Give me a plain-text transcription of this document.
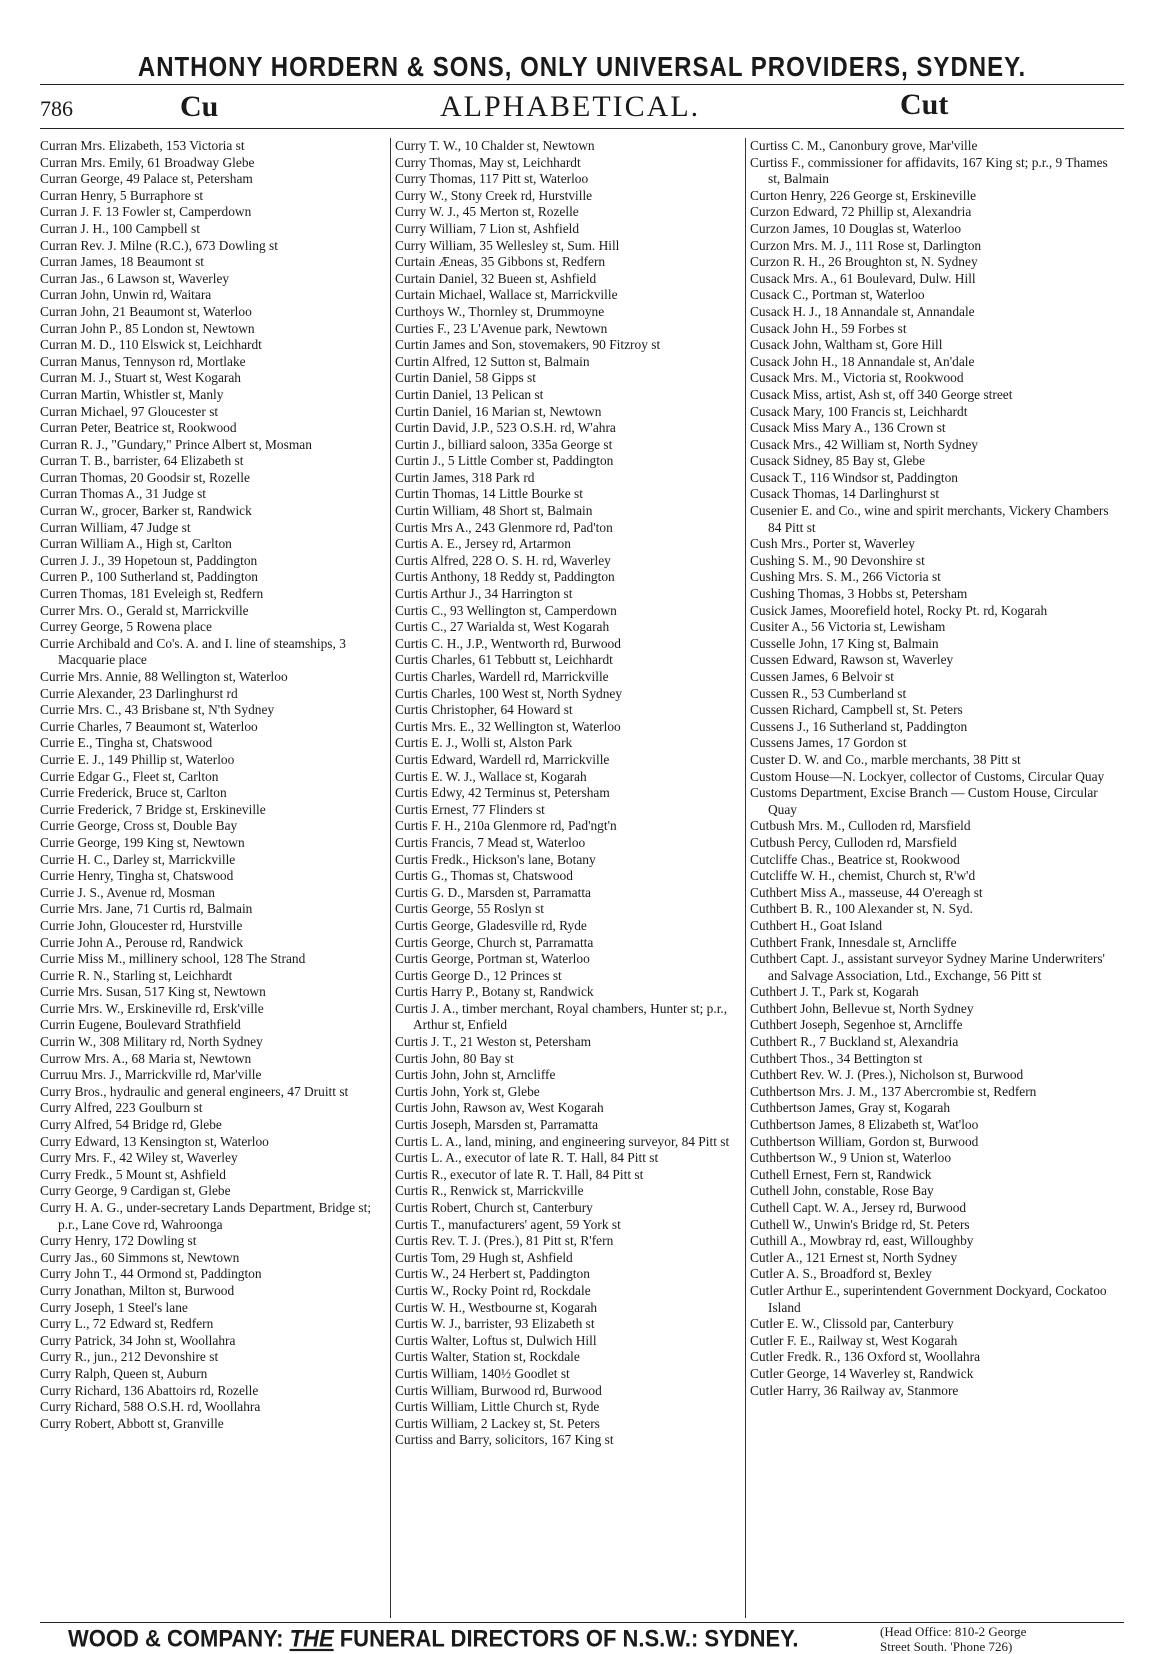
ANTHONY HORDERN & SONS, ONLY UNIVERSAL PROVIDERS, SYDNEY.
786	Cu	ALPHABETICAL.	Cut

Curran Mrs. Elizabeth, 153 Victoria st

Curran Mrs. Emily, 61 Broadway Glebe

Curran George, 49 Palace st, Petersham

Curran Henry, 5 Burraphore st

Curran J. F. 13 Fowler st, Camperdown

Curran J. H., 100 Campbell st

Curran Rev. J. Milne (R.C.), 673 Dowling st

Curran James, 18 Beaumont st

Curran Jas., 6 Lawson st, Waverley

Curran John, Unwin rd, Waitara

Curran John, 21 Beaumont st, Waterloo

Curran John P., 85 London st, Newtown

Curran M. D., 110 Elswick st, Leichhardt

Curran Manus, Tennyson rd, Mortlake

Curran M. J., Stuart st, West Kogarah

Curran Martin, Whistler st, Manly

Curran Michael, 97 Gloucester st

Curran Peter, Beatrice st, Rookwood

Curran R. J., "Gundary," Prince Albert st, Mosman

Curran T. B., barrister, 64 Elizabeth st

Curran Thomas, 20 Goodsir st, Rozelle

Curran Thomas A., 31 Judge st

Curran W., grocer, Barker st, Randwick

Curran William, 47 Judge st

Curran William A., High st, Carlton

Curren J. J., 39 Hopetoun st, Paddington

Curren P., 100 Sutherland st, Paddington

Curren Thomas, 181 Eveleigh st, Redfern

Currer Mrs. O., Gerald st, Marrickville

Currey George, 5 Rowena place

Currie Archibald and Co's. A. and I. line of steamships, 3 Macquarie place

Currie Mrs. Annie, 88 Wellington st, Waterloo

Currie Alexander, 23 Darlinghurst rd

Currie Mrs. C., 43 Brisbane st, N'th Sydney

Currie Charles, 7 Beaumont st, Waterloo

Currie E., Tingha st, Chatswood

Currie E. J., 149 Phillip st, Waterloo

Currie Edgar G., Fleet st, Carlton

Currie Frederick, Bruce st, Carlton

Currie Frederick, 7 Bridge st, Erskineville

Currie George, Cross st, Double Bay

Currie George, 199 King st, Newtown

Currie H. C., Darley st, Marrickville

Currie Henry, Tingha st, Chatswood

Currie J. S., Avenue rd, Mosman

Currie Mrs. Jane, 71 Curtis rd, Balmain

Currie John, Gloucester rd, Hurstville

Currie John A., Perouse rd, Randwick

Currie Miss M., millinery school, 128 The Strand

Currie R. N., Starling st, Leichhardt

Currie Mrs. Susan, 517 King st, Newtown

Currie Mrs. W., Erskineville rd, Ersk'ville

Currin Eugene, Boulevard Strathfield

Currin W., 308 Military rd, North Sydney

Currow Mrs. A., 68 Maria st, Newtown

Curruu Mrs. J., Marrickville rd, Mar'ville

Curry Bros., hydraulic and general engineers, 47 Druitt st

Curry Alfred, 223 Goulburn st

Curry Alfred, 54 Bridge rd, Glebe

Curry Edward, 13 Kensington st, Waterloo

Curry Mrs. F., 42 Wiley st, Waverley

Curry Fredk., 5 Mount st, Ashfield

Curry George, 9 Cardigan st, Glebe

Curry H. A. G., under-secretary Lands Department, Bridge st; p.r., Lane Cove rd, Wahroonga

Curry Henry, 172 Dowling st

Curry Jas., 60 Simmons st, Newtown

Curry John T., 44 Ormond st, Paddington

Curry Jonathan, Milton st, Burwood

Curry Joseph, 1 Steel's lane

Curry L., 72 Edward st, Redfern

Curry Patrick, 34 John st, Woollahra

Curry R., jun., 212 Devonshire st

Curry Ralph, Queen st, Auburn

Curry Richard, 136 Abattoirs rd, Rozelle

Curry Richard, 588 O.S.H. rd, Woollahra

Curry Robert, Abbott st, Granville

Curry T. W., 10 Chalder st, Newtown

Curry Thomas, May st, Leichhardt

Curry Thomas, 117 Pitt st, Waterloo

Curry W., Stony Creek rd, Hurstville

Curry W. J., 45 Merton st, Rozelle

Curry William, 7 Lion st, Ashfield

Curry William, 35 Wellesley st, Sum. Hill

Curtain Æneas, 35 Gibbons st, Redfern

Curtain Daniel, 32 Bueen st, Ashfield

Curtain Michael, Wallace st, Marrickville

Curthoys W., Thornley st, Drummoyne

Curties F., 23 L'Avenue park, Newtown

Curtin James and Son, stovemakers, 90 Fitzroy st

Curtin Alfred, 12 Sutton st, Balmain

Curtin Daniel, 58 Gipps st

Curtin Daniel, 13 Pelican st

Curtin Daniel, 16 Marian st, Newtown

Curtin David, J.P., 523 O.S.H. rd, W'ahra

Curtin J., billiard saloon, 335a George st

Curtin J., 5 Little Comber st, Paddington

Curtin James, 318 Park rd

Curtin Thomas, 14 Little Bourke st

Curtin William, 48 Short st, Balmain

Curtis Mrs A., 243 Glenmore rd, Pad'ton

Curtis A. E., Jersey rd, Artarmon

Curtis Alfred, 228 O. S. H. rd, Waverley

Curtis Anthony, 18 Reddy st, Paddington

Curtis Arthur J., 34 Harrington st

Curtis C., 93 Wellington st, Camperdown

Curtis C., 27 Warialda st, West Kogarah

Curtis C. H., J.P., Wentworth rd, Burwood

Curtis Charles, 61 Tebbutt st, Leichhardt

Curtis Charles, Wardell rd, Marrickville

Curtis Charles, 100 West st, North Sydney

Curtis Christopher, 64 Howard st

Curtis Mrs. E., 32 Wellington st, Waterloo

Curtis E. J., Wolli st, Alston Park

Curtis Edward, Wardell rd, Marrickville

Curtis E. W. J., Wallace st, Kogarah

Curtis Edwy, 42 Terminus st, Petersham

Curtis Ernest, 77 Flinders st

Curtis F. H., 210a Glenmore rd, Pad'ngt'n

Curtis Francis, 7 Mead st, Waterloo

Curtis Fredk., Hickson's lane, Botany

Curtis G., Thomas st, Chatswood

Curtis G. D., Marsden st, Parramatta

Curtis George, 55 Roslyn st

Curtis George, Gladesville rd, Ryde

Curtis George, Church st, Parramatta

Curtis George, Portman st, Waterloo

Curtis George D., 12 Princes st

Curtis Harry P., Botany st, Randwick

Curtis J. A., timber merchant, Royal chambers, Hunter st; p.r., Arthur st, Enfield

Curtis J. T., 21 Weston st, Petersham

Curtis John, 80 Bay st

Curtis John, John st, Arncliffe

Curtis John, York st, Glebe

Curtis John, Rawson av, West Kogarah

Curtis Joseph, Marsden st, Parramatta

Curtis L. A., land, mining, and engineering surveyor, 84 Pitt st

Curtis L. A., executor of late R. T. Hall, 84 Pitt st

Curtis R., executor of late R. T. Hall, 84 Pitt st

Curtis R., Renwick st, Marrickville

Curtis Robert, Church st, Canterbury

Curtis T., manufacturers' agent, 59 York st

Curtis Rev. T. J. (Pres.), 81 Pitt st, R'fern

Curtis Tom, 29 Hugh st, Ashfield

Curtis W., 24 Herbert st, Paddington

Curtis W., Rocky Point rd, Rockdale

Curtis W. H., Westbourne st, Kogarah

Curtis W. J., barrister, 93 Elizabeth st

Curtis Walter, Loftus st, Dulwich Hill

Curtis Walter, Station st, Rockdale

Curtis William, 140½ Goodlet st

Curtis William, Burwood rd, Burwood

Curtis William, Little Church st, Ryde

Curtis William, 2 Lackey st, St. Peters

Curtiss and Barry, solicitors, 167 King st

Curtiss C. M., Canonbury grove, Mar'ville

Curtiss F., commissioner for affidavits, 167 King st; p.r., 9 Thames st, Balmain

Curton Henry, 226 George st, Erskineville

Curzon Edward, 72 Phillip st, Alexandria

Curzon James, 10 Douglas st, Waterloo

Curzon Mrs. M. J., 111 Rose st, Darlington

Curzon R. H., 26 Broughton st, N. Sydney

Cusack Mrs. A., 61 Boulevard, Dulw. Hill

Cusack C., Portman st, Waterloo

Cusack H. J., 18 Annandale st, Annandale

Cusack John H., 59 Forbes st

Cusack John, Waltham st, Gore Hill

Cusack John H., 18 Annandale st, An'dale

Cusack Mrs. M., Victoria st, Rookwood

Cusack Miss, artist, Ash st, off 340 George street

Cusack Mary, 100 Francis st, Leichhardt

Cusack Miss Mary A., 136 Crown st

Cusack Mrs., 42 William st, North Sydney

Cusack Sidney, 85 Bay st, Glebe

Cusack T., 116 Windsor st, Paddington

Cusack Thomas, 14 Darlinghurst st

Cusenier E. and Co., wine and spirit merchants, Vickery Chambers 84 Pitt st

Cush Mrs., Porter st, Waverley

Cushing S. M., 90 Devonshire st

Cushing Mrs. S. M., 266 Victoria st

Cushing Thomas, 3 Hobbs st, Petersham

Cusick James, Moorefield hotel, Rocky Pt. rd, Kogarah

Cusiter A., 56 Victoria st, Lewisham

Cusselle John, 17 King st, Balmain

Cussen Edward, Rawson st, Waverley

Cussen James, 6 Belvoir st

Cussen R., 53 Cumberland st

Cussen Richard, Campbell st, St. Peters

Cussens J., 16 Sutherland st, Paddington

Cussens James, 17 Gordon st

Custer D. W. and Co., marble merchants, 38 Pitt st

Custom House—N. Lockyer, collector of Customs, Circular Quay

Customs Department, Excise Branch — Custom House, Circular Quay

Cutbush Mrs. M., Culloden rd, Marsfield

Cutbush Percy, Culloden rd, Marsfield

Cutcliffe Chas., Beatrice st, Rookwood

Cutcliffe W. H., chemist, Church st, R'w'd

Cuthbert Miss A., masseuse, 44 O'ereagh st

Cuthbert B. R., 100 Alexander st, N. Syd.

Cuthbert H., Goat Island

Cuthbert Frank, Innesdale st, Arncliffe

Cuthbert Capt. J., assistant surveyor Sydney Marine Underwriters' and Salvage Association, Ltd., Exchange, 56 Pitt st

Cuthbert J. T., Park st, Kogarah

Cuthbert John, Bellevue st, North Sydney

Cuthbert Joseph, Segenhoe st, Arncliffe

Cuthbert R., 7 Buckland st, Alexandria

Cuthbert Thos., 34 Bettington st

Cuthbert Rev. W. J. (Pres.), Nicholson st, Burwood

Cuthbertson Mrs. J. M., 137 Abercrombie st, Redfern

Cuthbertson James, Gray st, Kogarah

Cuthbertson James, 8 Elizabeth st, Wat'loo

Cuthbertson William, Gordon st, Burwood

Cuthbertson W., 9 Union st, Waterloo

Cuthell Ernest, Fern st, Randwick

Cuthell John, constable, Rose Bay

Cuthell Capt. W. A., Jersey rd, Burwood

Cuthell W., Unwin's Bridge rd, St. Peters

Cuthill A., Mowbray rd, east, Willoughby

Cutler A., 121 Ernest st, North Sydney

Cutler A. S., Broadford st, Bexley

Cutler Arthur E., superintendent Government Dockyard, Cockatoo Island

Cutler E. W., Clissold par, Canterbury

Cutler F. E., Railway st, West Kogarah

Cutler Fredk. R., 136 Oxford st, Woollahra

Cutler George, 14 Waverley st, Randwick

Cutler Harry, 36 Railway av, Stanmore

WOOD & COMPANY: THE FUNERAL DIRECTORS OF N.S.W.: SYDNEY.	(Head Office: 810-2 George
Street South. 'Phone 726)
